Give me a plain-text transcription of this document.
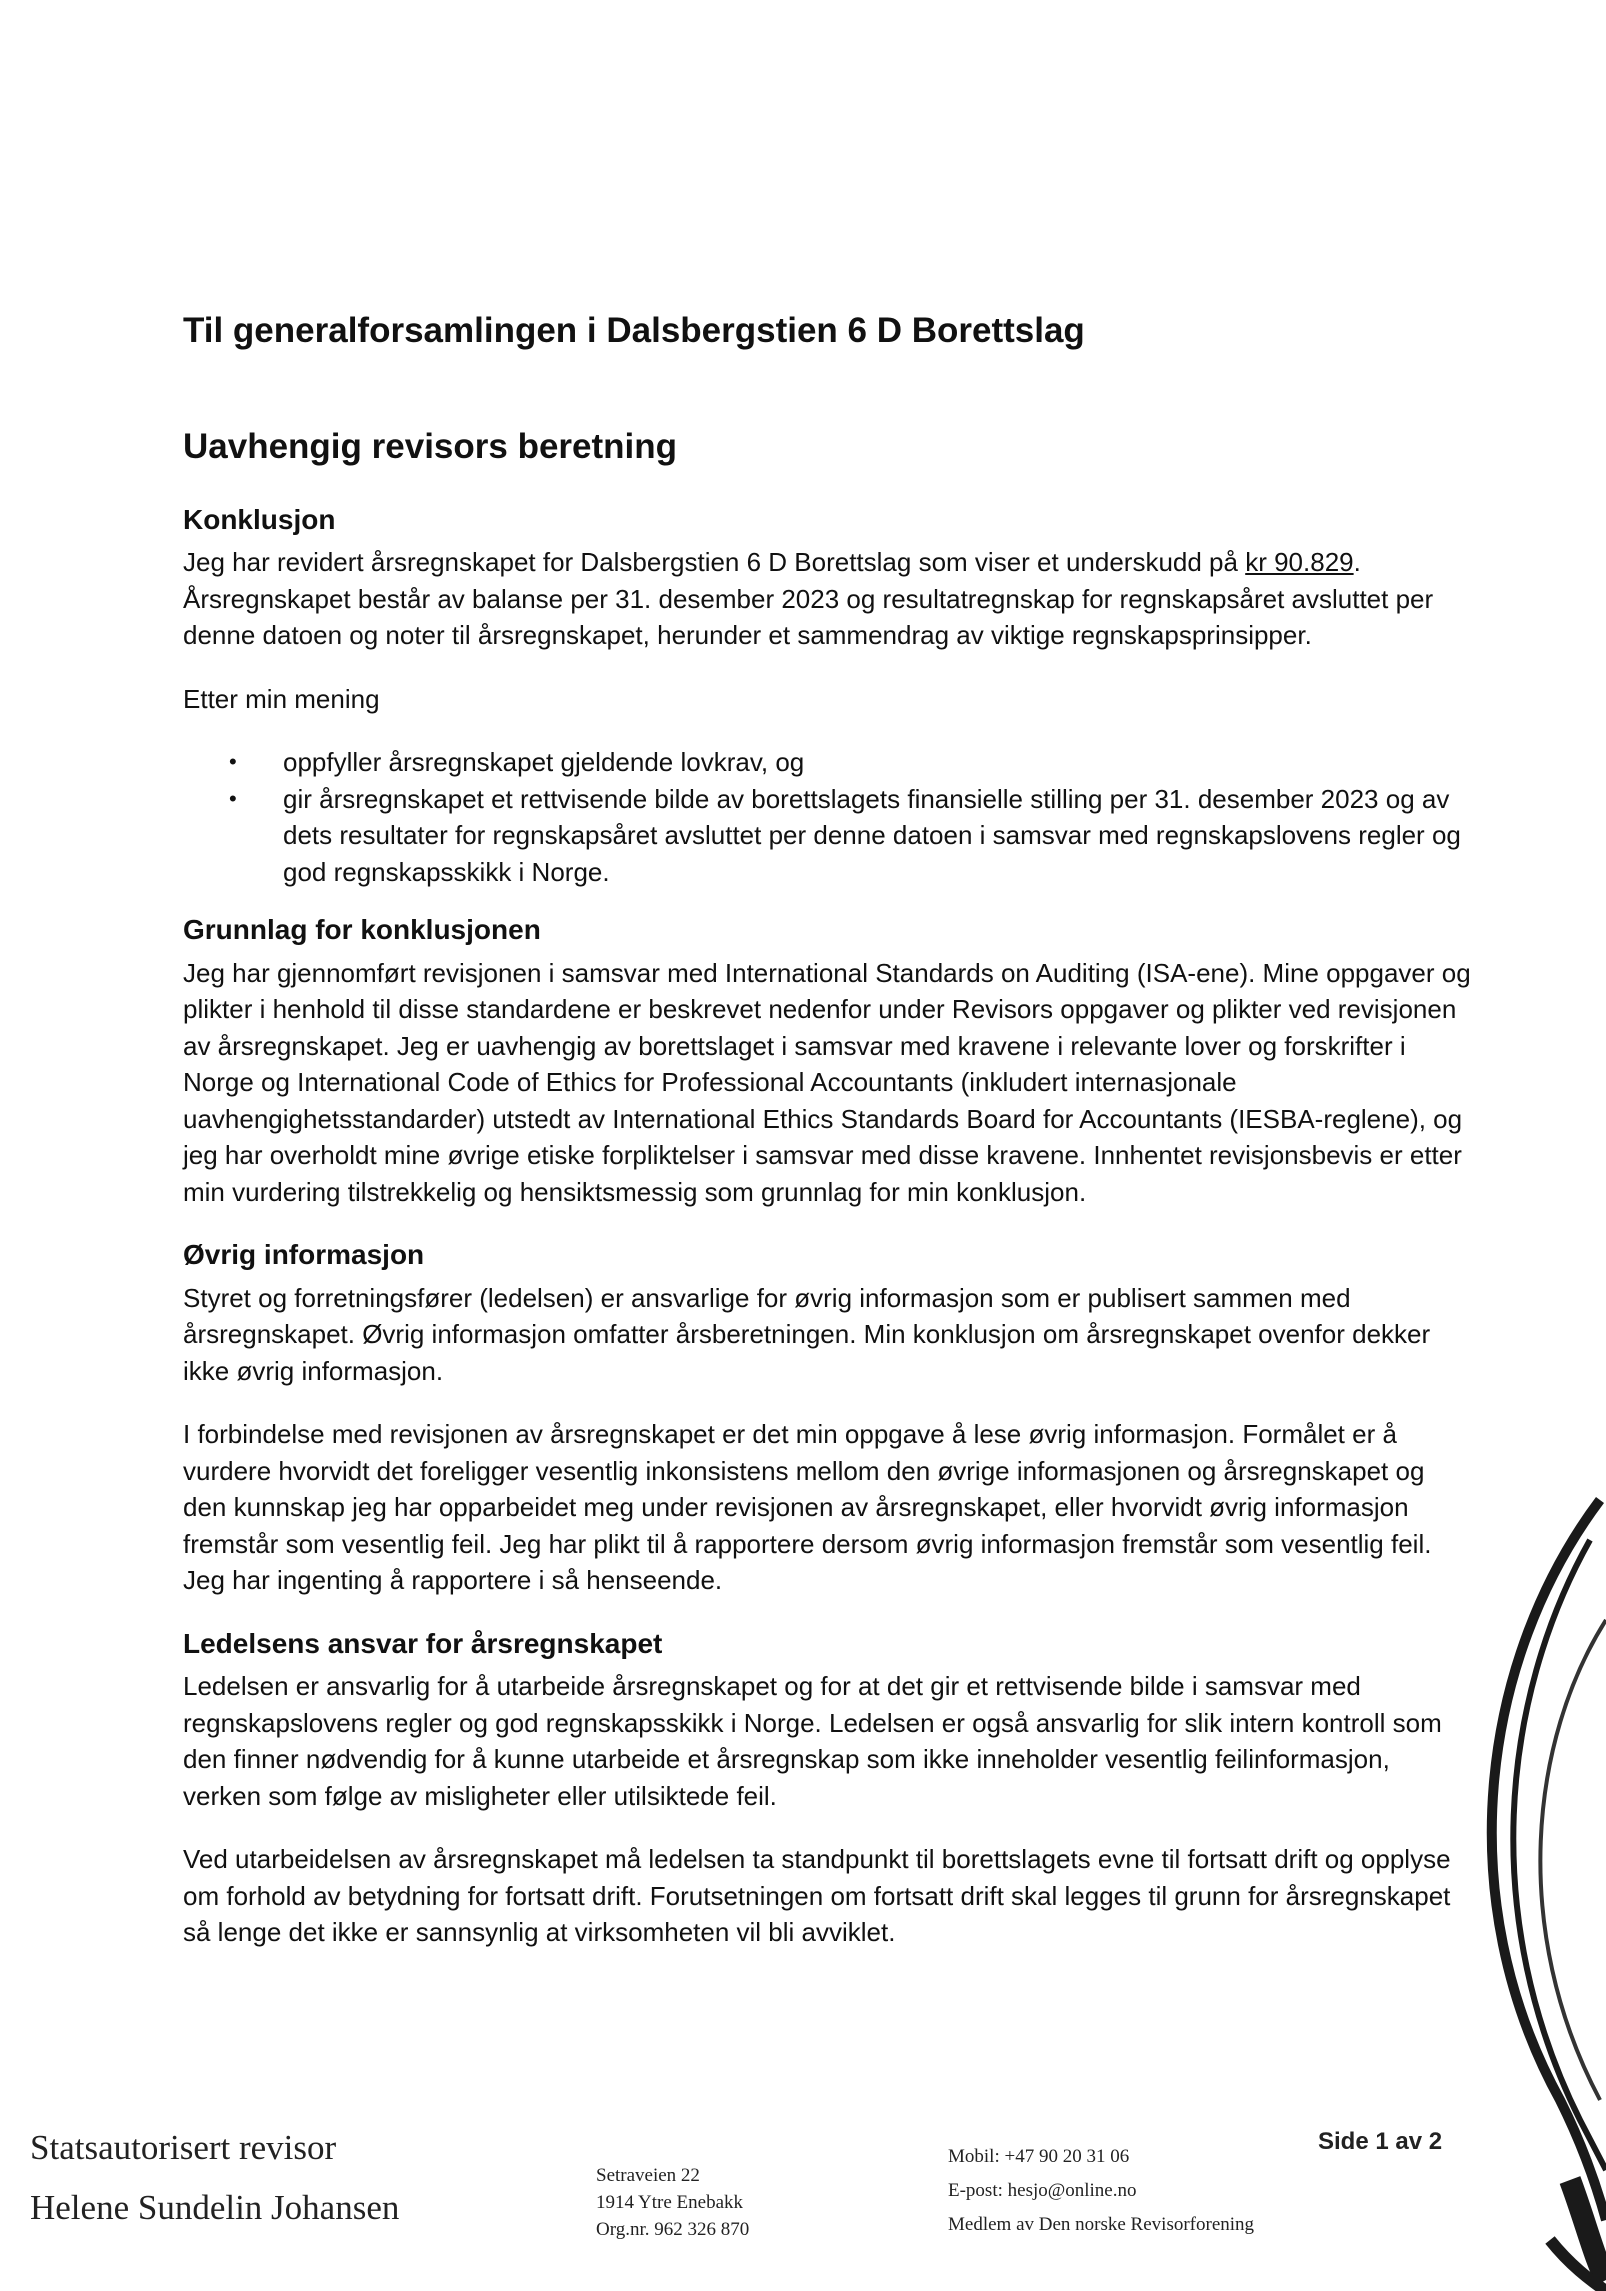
Til generalforsamlingen i Dalsbergstien 6 D Borettslag
Uavhengig revisors beretning
Konklusjon

Jeg har revidert årsregnskapet for Dalsbergstien 6 D Borettslag som viser et underskudd på kr 90.829. Årsregnskapet består av balanse per 31. desember 2023 og resultatregnskap for regnskapsåret avsluttet per denne datoen og noter til årsregnskapet, herunder et sammendrag av viktige regnskapsprinsipper.

Etter min mening

• oppfyller årsregnskapet gjeldende lovkrav, og
• gir årsregnskapet et rettvisende bilde av borettslagets finansielle stilling per 31. desember 2023 og av dets resultater for regnskapsåret avsluttet per denne datoen i samsvar med regnskapslovens regler og god regnskapsskikk i Norge.
Grunnlag for konklusjonen

Jeg har gjennomført revisjonen i samsvar med International Standards on Auditing (ISA-ene). Mine oppgaver og plikter i henhold til disse standardene er beskrevet nedenfor under Revisors oppgaver og plikter ved revisjonen av årsregnskapet. Jeg er uavhengig av borettslaget i samsvar med kravene i relevante lover og forskrifter i Norge og International Code of Ethics for Professional Accountants (inkludert internasjonale uavhengighetsstandarder) utstedt av International Ethics Standards Board for Accountants (IESBA-reglene), og jeg har overholdt mine øvrige etiske forpliktelser i samsvar med disse kravene. Innhentet revisjonsbevis er etter min vurdering tilstrekkelig og hensiktsmessig som grunnlag for min konklusjon.

Øvrig informasjon

Styret og forretningsfører (ledelsen) er ansvarlige for øvrig informasjon som er publisert sammen med årsregnskapet. Øvrig informasjon omfatter årsberetningen. Min konklusjon om årsregnskapet ovenfor dekker ikke øvrig informasjon.

I forbindelse med revisjonen av årsregnskapet er det min oppgave å lese øvrig informasjon. Formålet er å vurdere hvorvidt det foreligger vesentlig inkonsistens mellom den øvrige informasjonen og årsregnskapet og den kunnskap jeg har opparbeidet meg under revisjonen av årsregnskapet, eller hvorvidt øvrig informasjon fremstår som vesentlig feil. Jeg har plikt til å rapportere dersom øvrig informasjon fremstår som vesentlig feil. Jeg har ingenting å rapportere i så henseende.

Ledelsens ansvar for årsregnskapet

Ledelsen er ansvarlig for å utarbeide årsregnskapet og for at det gir et rettvisende bilde i samsvar med regnskapslovens regler og god regnskapsskikk i Norge. Ledelsen er også ansvarlig for slik intern kontroll som den finner nødvendig for å kunne utarbeide et årsregnskap som ikke inneholder vesentlig feilinformasjon, verken som følge av misligheter eller utilsiktede feil.

Ved utarbeidelsen av årsregnskapet må ledelsen ta standpunkt til borettslagets evne til fortsatt drift og opplyse om forhold av betydning for fortsatt drift. Forutsetningen om fortsatt drift skal legges til grunn for årsregnskapet så lenge det ikke er sannsynlig at virksomheten vil bli avviklet.

Statsautorisert revisor
Helene Sundelin Johansen
Setraveien 22
1914 Ytre Enebakk
Org.nr. 962 326 870
Mobil: +47 90 20 31 06
E-post: hesjo@online.no
Medlem av Den norske Revisorforening
Side 1 av 2
